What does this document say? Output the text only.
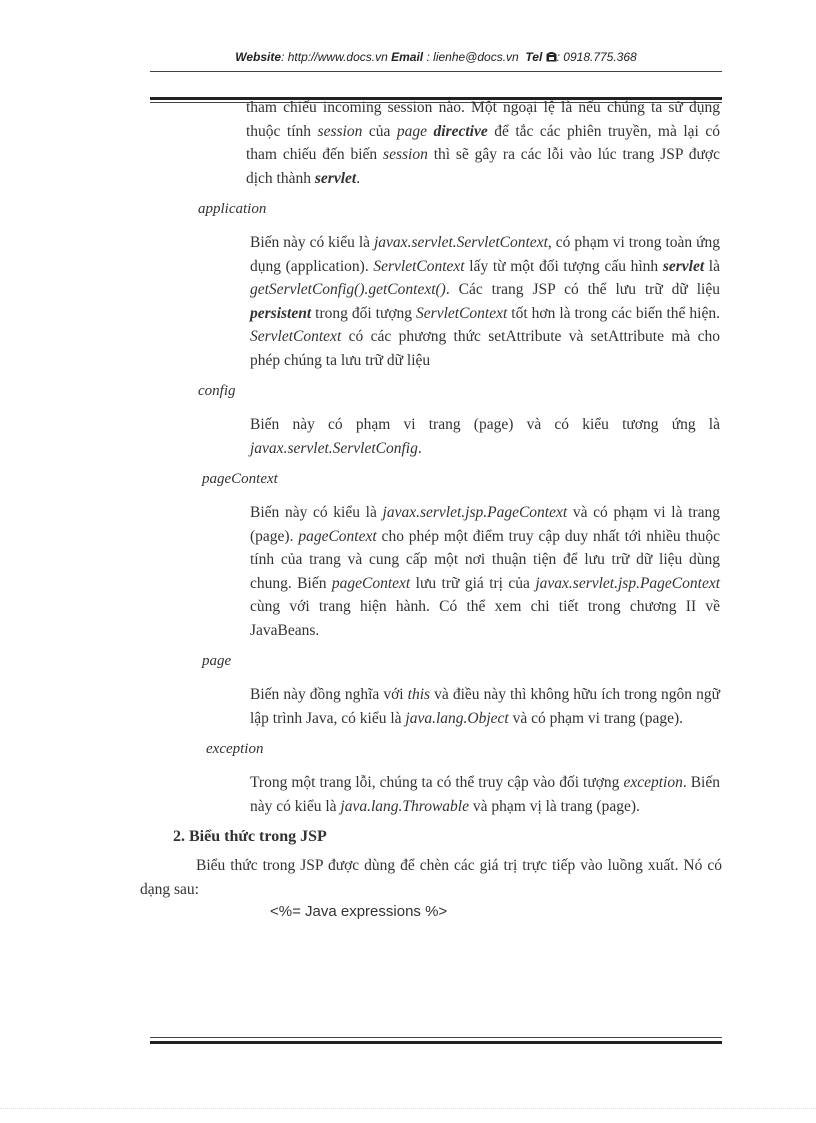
Website: http://www.docs.vn Email : lienhe@docs.vn Tel : 0918.775.368

tham chiếu incoming session nào. Một ngoại lệ là nếu chúng ta sử dụng thuộc tính session của page directive để tắc các phiên truyền, mà lại có tham chiếu đến biến session thì sẽ gây ra các lỗi vào lúc trang JSP được dịch thành servlet.

application

Biến này có kiểu là javax.servlet.ServletContext, có phạm vi trong toàn ứng dụng (application). ServletContext lấy từ một đối tượng cấu hình servlet là getServletConfig().getContext(). Các trang JSP có thể lưu trữ dữ liệu persistent trong đối tượng ServletContext tốt hơn là trong các biến thể hiện. ServletContext có các phương thức setAttribute và setAttribute mà cho phép chúng ta lưu trữ dữ liệu

config

Biến này có phạm vi trang (page) và có kiểu tương ứng là javax.servlet.ServletConfig.

pageContext

Biến này có kiểu là javax.servlet.jsp.PageContext và có phạm vi là trang (page). pageContext cho phép một điểm truy cập duy nhất tới nhiều thuộc tính của trang và cung cấp một nơi thuận tiện để lưu trữ dữ liệu dùng chung. Biến pageContext lưu trữ giá trị của javax.servlet.jsp.PageContext cùng với trang hiện hành. Có thể xem chi tiết trong chương II về JavaBeans.

page

Biến này đồng nghĩa với this và điều này thì không hữu ích trong ngôn ngữ lập trình Java, có kiểu là java.lang.Object và có phạm vi trang (page).

exception

Trong một trang lỗi, chúng ta có thể truy cập vào đối tượng exception. Biến này có kiểu là java.lang.Throwable và phạm vị là trang (page).

2. Biểu thức trong JSP

Biểu thức trong JSP được dùng để chèn các giá trị trực tiếp vào luồng xuất. Nó có dạng sau:

<%= Java expressions %>
